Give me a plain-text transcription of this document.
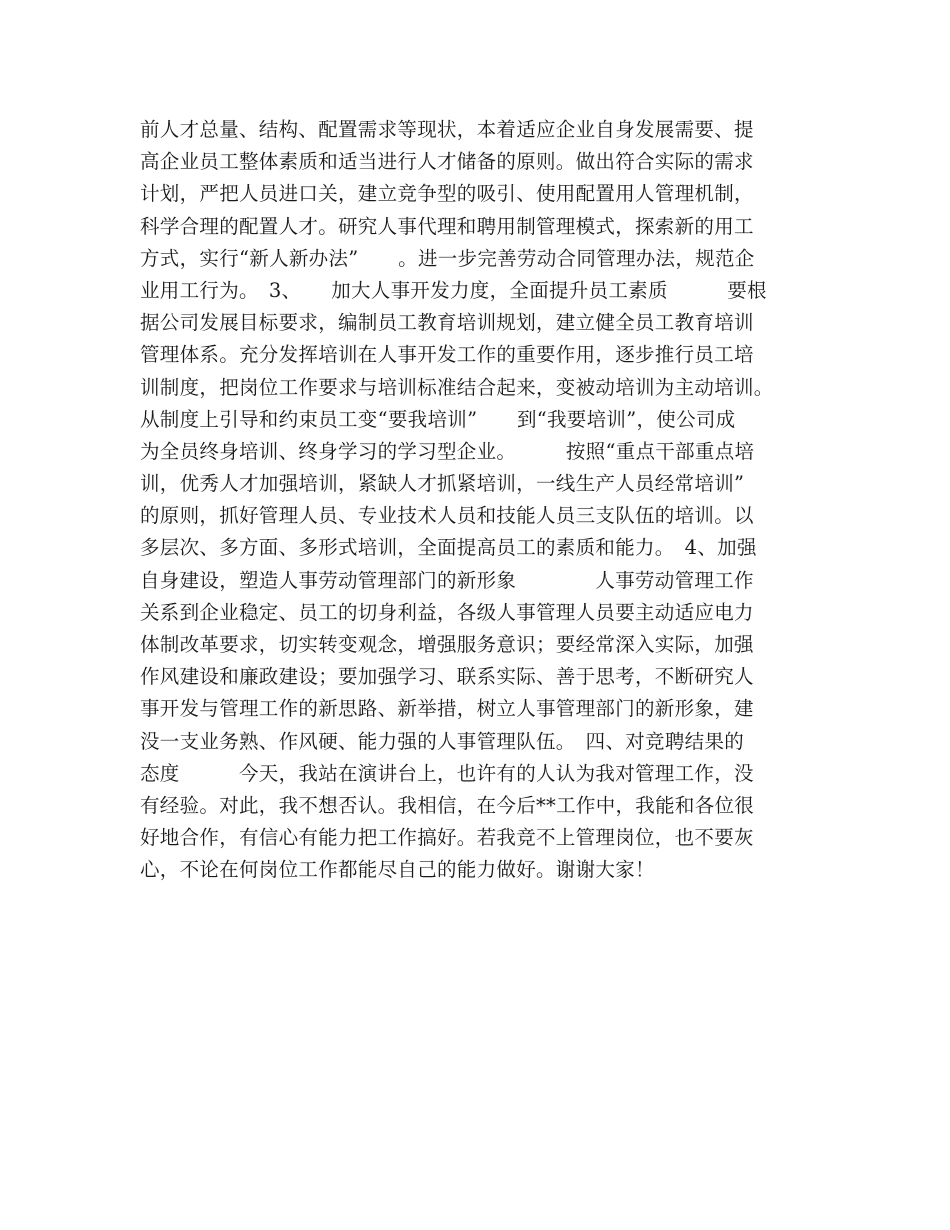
前人才总量、结构、配置需求等现状，本着适应企业自身发展需要、提
高企业员工整体素质和适当进行人才储备的原则。做出符合实际的需求
计划，严把人员进口关，建立竞争型的吸引、使用配置用人管理机制，
科学合理的配置人才。研究人事代理和聘用制管理模式，探索新的用工
方式，实行“新人新办法”　　。进一步完善劳动合同管理办法，规范企
业用工行为。　3、　　加大人事开发力度，全面提升员工素质　　　要根
据公司发展目标要求，编制员工教育培训规划，建立健全员工教育培训
管理体系。充分发挥培训在人事开发工作的重要作用，逐步推行员工培
训制度，把岗位工作要求与培训标准结合起来，变被动培训为主动培训。
从制度上引导和约束员工变“要我培训”　　到“我要培训”，使公司成
为全员终身培训、终身学习的学习型企业。　　　按照“重点干部重点培
训，优秀人才加强培训，紧缺人才抓紧培训，一线生产人员经常培训”
的原则，抓好管理人员、专业技术人员和技能人员三支队伍的培训。以
多层次、多方面、多形式培训，全面提高员工的素质和能力。　4、加强
自身建设，塑造人事劳动管理部门的新形象　　　　人事劳动管理工作
关系到企业稳定、员工的切身利益，各级人事管理人员要主动适应电力
体制改革要求，切实转变观念，增强服务意识；要经常深入实际，加强
作风建设和廉政建设；要加强学习、联系实际、善于思考，不断研究人
事开发与管理工作的新思路、新举措，树立人事管理部门的新形象，建
没一支业务熟、作风硬、能力强的人事管理队伍。　四、对竞聘结果的
态度　　　今天，我站在演讲台上，也许有的人认为我对管理工作，没
有经验。对此，我不想否认。我相信，在今后**工作中，我能和各位很
好地合作，有信心有能力把工作搞好。若我竞不上管理岗位，也不要灰
心，不论在何岗位工作都能尽自己的能力做好。谢谢大家！
